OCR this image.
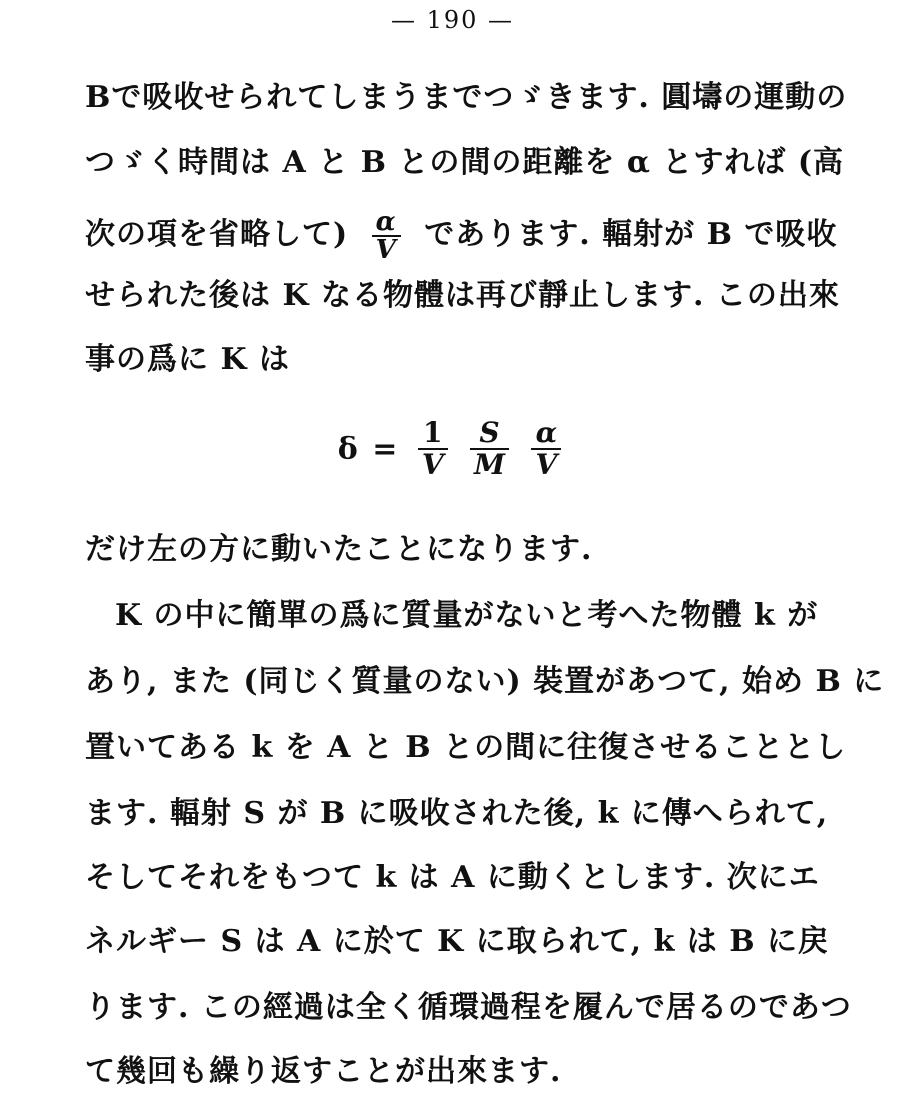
— 190 —
Bで吸收せられてしまうまでつゞきます. 圓壔の運動の
つゞく時間は A と B との間の距離を α とすれば (高
次の項を省略して) $\frac{\alpha}{V}$ であります. 輻射が B で吸收
せられた後は K なる物體は再び靜止します. この出來
事の爲に K は
$\delta = \frac{1}{V}$
$\frac{S}{M}$
$\frac{\alpha}{V}$
だけ左の方に動いたことになります.
K の中に簡單の爲に質量がないと考へた物體 k が
あり, また (同じく質量のない) 裝置があつて, 始め B に
置いてある k を A と B との間に往復させることとし
ます. 輻射 S が B に吸收された後, k に傳へられて,
そしてそれをもつて k は A に動くとします. 次にエ
ネルギー S は A に於て K に取られて, k は B に戻
ります. この經過は全く循環過程を履んで居るのであつ
て幾回も繰り返すことが出來ます.
